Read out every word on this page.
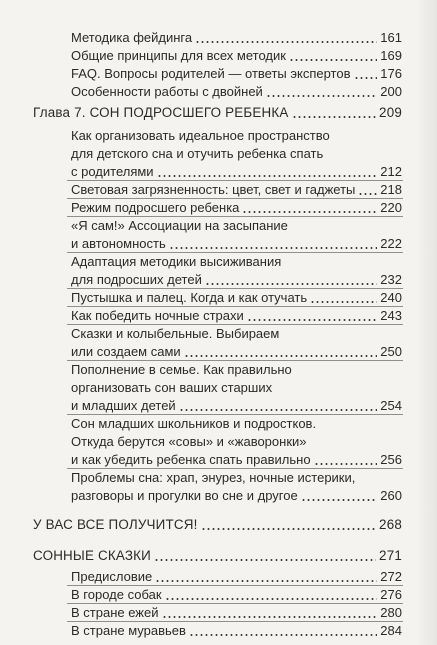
Методика фейдинга	161
Общие принципы для всех методик	169
FAQ. Вопросы родителей — ответы экспертов 176
Особенности работы с двойней	200
Глава 7. СОН ПОДРОСШЕГО РЕБЕНКА	209
Как организовать идеальное пространство
для детского сна и отучить ребенка спать
с родителями	212
Световая загрязненность: цвет, свет и гаджеты 218
Режим подросшего ребенка	220
«Я сам!» Ассоциации на засыпание
и автономность	222
Адаптация методики высиживания
для подросших детей	232
Пустышка и палец. Когда и как отучать	240
Как победить ночные страхи	243
Сказки и колыбельные. Выбираем
или создаем сами	250
Пополнение в семье. Как правильно
организовать сон ваших старших
и младших детей	254
Сон младших школьников и подростков.
Откуда берутся «совы» и «жаворонки»
и как убедить ребенка спать правильно	256
Проблемы сна: храп, энурез, ночные истерики,
разговоры и прогулки во сне и другое	260
У ВАС ВСЕ ПОЛУЧИТСЯ!	268
СОННЫЕ СКАЗКИ	271
Предисловие	272
В городе собак	276
В стране ежей	280
В стране муравьев	284
